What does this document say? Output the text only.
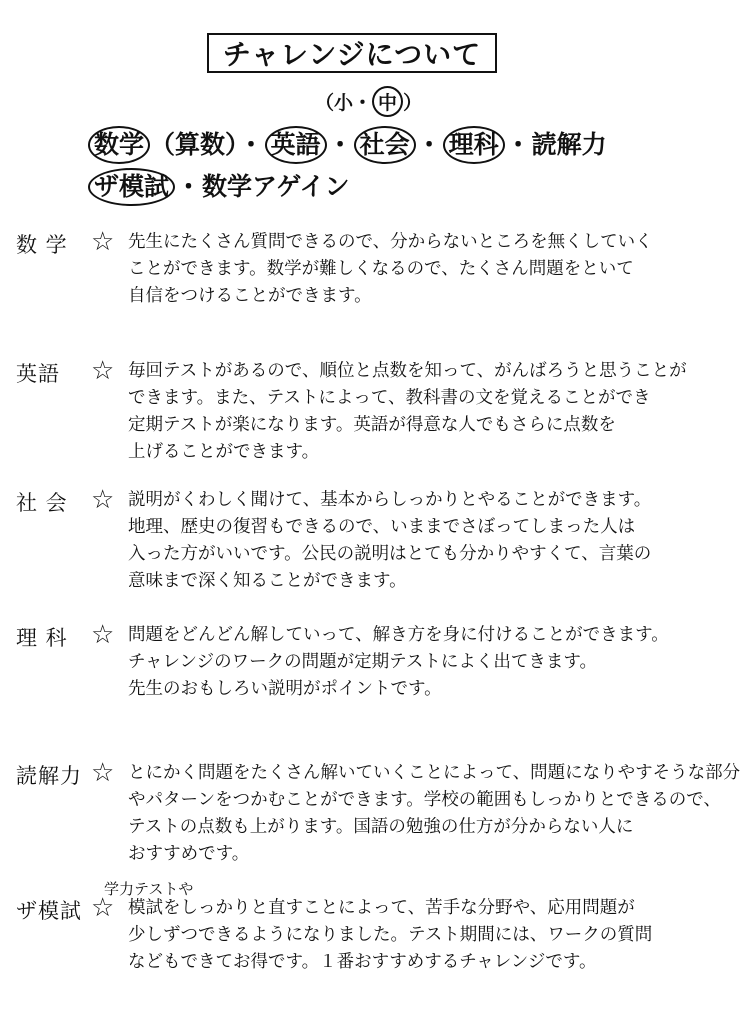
チャレンジについて
（ 小 ・ 中 ）
数学 （算数）・ 英語 ・ 社会 ・ 理科 ・読解力
ザ模試 ・数学アゲイン
数 学 ☆ 先生にたくさん質問できるので、分からないところを無くしていく
ことができます。数学が難しくなるので、たくさん問題をといて
自信をつけることができます。
英語 ☆ 毎回テストがあるので、順位と点数を知って、がんばろうと思うことが
できます。また、テストによって、教科書の文を覚えることができ
定期テストが楽になります。英語が得意な人でもさらに点数を
上げることができます。
社 会 ☆ 説明がくわしく聞けて、基本からしっかりとやることができます。
地理、歴史の復習もできるので、いままでさぼってしまった人は
入った方がいいです。公民の説明はとても分かりやすくて、言葉の
意味まで深く知ることができます。
理 科 ☆ 問題をどんどん解していって、解き方を身に付けることができます。
チャレンジのワークの問題が定期テストによく出てきます。
先生のおもしろい説明がポイントです。
読解力 ☆ とにかく問題をたくさん解いていくことによって、問題になりやすそうな部分
やパターンをつかむことができます。学校の範囲もしっかりとできるので、
テストの点数も上がります。国語の勉強の仕方が分からない人に
おすすめです。
ザ模試 ☆
学力テストや
模試をしっかりと直すことによって、苦手な分野や、応用問題が
少しずつできるようになりました。テスト期間には、ワークの質問
などもできてお得です。１番おすすめするチャレンジです。
